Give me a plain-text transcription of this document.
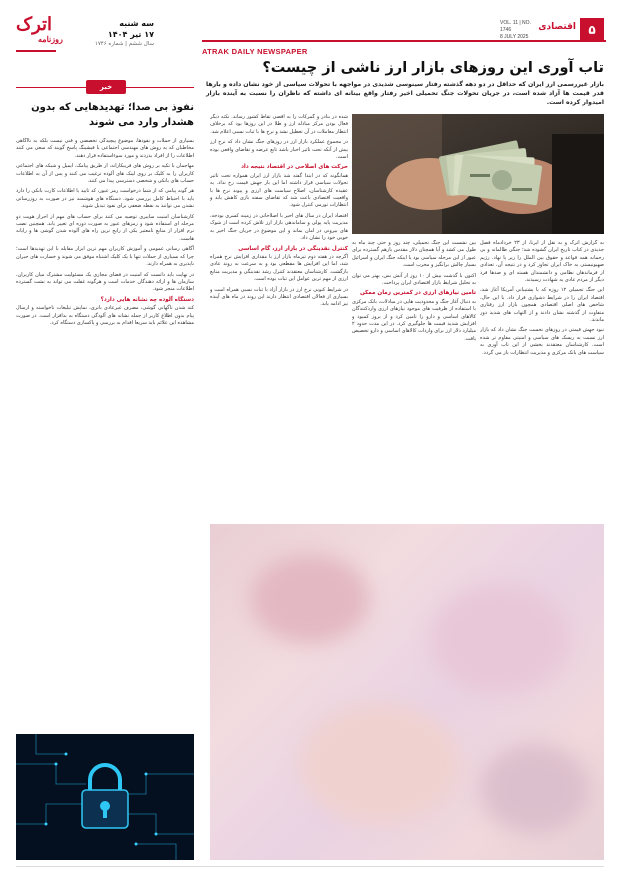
اترک
روزنامه
سه شنبه
۱۷ تیر ۱۴۰۴
سال ششم | شماره ۱۷۴۶
ATRAK DAILY NEWSPAPER
VOL. 11 | NO. 1746
8 JULY 2025
اقتصادی	۵
تاب آوری این روزهای بازار ارز ناشی از چیست؟

بازار غیررسمی ارز ایران که حداقل در دو دهه گذشته رفتار سینوسی شدیدی در مواجهه با تحولات سیاسی از خود نشان داده و بارها قدر قیمت ها آزاد شده است، در جریان تحولات جنگ تحمیلی اخیر رفتار واقع بینانه ای داشته که ناظران را نسبت به آینده بازار امیدوار کرده است.

به گزارش اترک و به نقل از ایرنا، از ۲۳ خردادماه فصل جدیدی در کتاب تاریخ ایران گشوده شد؛ جنگی ظالمانه و بی رحمانه همه قواعد و حقوق بین الملل را زیر پا نهاد. رژیم صهیونیستی به خاک ایران تجاوز کرد و در نتیجه آن، تعدادی از فرماندهان نظامی و دانشمندان هسته ای و صدها فرد دیگر از مردم عادی به شهادت رسیدند.

این جنگ تحمیلی ۱۲ روزه که با پشتیبانی آمریکا آغاز شد، اقتصاد ایران را در شرایط دشواری قرار داد. با این حال، شاخص های اصلی اقتصادی همچون بازار ارز رفتاری متفاوت از گذشته نشان دادند و از التهاب های شدید دور ماندند.

نبود جهش قیمتی در روزهای نخست جنگ نشان داد که بازار ارز نسبت به ریسک های سیاسی و امنیتی مقاوم تر شده است. کارشناسان معتقدند بخشی از این تاب آوری به سیاست های بانک مرکزی و مدیریت انتظارات باز می گردد.

بین نشست این جنگ تحمیلی، چند روز و حتی چند ماه به طول می کشد و آیا همچنان دلار مقدس بازهم گسترده برای عبور از این مرحله سیاسی بود یا اینکه جنگ ایران و اسرائیل بسیار چالش برانگیز و مخرب است.

اکنون با گذشت بیش از ۱۰ روز از آتش بس، بهتر می توان به تحلیل شرایط بازار اقتصادی ایران پرداخت.

تامین نیازهای ارزی در کمترین زمان ممکن

به دنبال آغاز جنگ و محدودیت هایی در مبادلات، بانک مرکزی با استفاده از ظرفیت های موجود نیازهای ارزی واردکنندگان کالاهای اساسی و دارو را تامین کرد و از بروز کمبود و افزایش شدید قیمت ها جلوگیری کرد. در این مدت حدود ۲ میلیارد دلار ارز برای واردات کالاهای اساسی و دارو تخصیص یافت.

شده در بنادر و گمرکات را به اقصی نقاط کشور رساند. نکته دیگر فعال بودن مرکز مبادله ارز و طلا در این روزها بود که برخلاف انتظار معاملات در آن تعطیل نشد و نرخ ها با ثبات نسبی اعلام شد.

در مجموع عملکرد بازار ارز در روزهای جنگ نشان داد که نرخ ارز بیش از آنکه تحت تاثیر اخبار باشد تابع عرضه و تقاضای واقعی بوده است.

حرکت های اصلاحی در اقتصاد نتیجه داد

همانگونه که در ابتدا گفته شد بازار ارز ایران همواره تحت تاثیر تحولات سیاسی قرار داشته اما این بار جهش قیمت رخ نداد. به عقیده کارشناسان، اصلاح سیاست های ارزی و پیوند نرخ ها با واقعیت اقتصادی باعث شد که تقاضای سفته بازی کاهش یابد و انتظارات تورمی کنترل شود.

اقتصاد ایران در سال های اخیر با اصلاحاتی در زمینه کسری بودجه، مدیریت پایه پولی و ساماندهی بازار ارز تلاش کرده است از شوک های بیرونی در امان بماند و این موضوع در جریان جنگ اخیر به خوبی خود را نشان داد.

کنترل نقدینگی در بازار ارز، گام اساسی

اگرچه در هفته دوم تیرماه بازار ارز با مقداری افزایش نرخ همراه شد، اما این افزایش ها مقطعی بود و به سرعت به روند عادی بازگشت. کارشناسان معتقدند کنترل رشد نقدینگی و مدیریت منابع ارزی از مهم ترین عوامل این ثبات بوده است.

در شرایط کنونی نرخ ارز در بازار آزاد با ثبات نسبی همراه است و بسیاری از فعالان اقتصادی انتظار دارند این روند در ماه های آینده نیز ادامه یابد.

خبر
نفوذ بی صدا؛ تهدیدهایی که بدون هشدار وارد می شوند

بسیاری از حملات و نفوذها، موضوع پیچیدگی تخصصی و فنی نیست بلکه به ناآگاهی مخاطبان که به روش های مهندسی اجتماعی یا فیشینگ پاسخ گویند که سعی می کنند اطلاعات را از افراد بدزدند و مورد سوءاستفاده قرار دهند.

مهاجمان با تکیه بر روش های فریبکارانه، از طریق پیامک، ایمیل و شبکه های اجتماعی کاربران را به کلیک بر روی لینک های آلوده ترغیب می کنند و پس از آن به اطلاعات حساب های بانکی و شخصی دسترسی پیدا می کنند.

هر گونه پیامی که از شما درخواست رمز عبور، کد تایید یا اطلاعات کارت بانکی را دارد باید با احتیاط کامل بررسی شود. دستگاه های هوشمند نیز در صورت به روزرسانی نشدن می توانند به نقطه ضعفی برای نفوذ تبدیل شوند.

کارشناسان امنیت سایبری توصیه می کنند برای حساب های مهم از احراز هویت دو مرحله ای استفاده شود و رمزهای عبور به صورت دوره ای تغییر یابد. همچنین نصب نرم افزار از منابع نامعتبر یکی از رایج ترین راه های آلوده شدن گوشی ها و رایانه هاست.

آگاهی رسانی عمومی و آموزش کاربران مهم ترین ابزار مقابله با این تهدیدها است؛ چرا که بسیاری از حملات تنها با یک کلیک اشتباه موفق می شوند و خسارت های جبران ناپذیری به همراه دارند.

در نهایت باید دانست که امنیت در فضای مجازی یک مسئولیت مشترک میان کاربران، سازمان ها و ارائه دهندگان خدمات است و هرگونه غفلت می تواند به نشت گسترده اطلاعات منجر شود.

دستگاه آلوده چه نشانه هایی دارد؟

کند شدن ناگهانی گوشی، مصرف غیرعادی باتری، نمایش تبلیغات ناخواسته و ارسال پیام بدون اطلاع کاربر از جمله نشانه های آلودگی دستگاه به بدافزار است. در صورت مشاهده این علائم باید سریعا اقدام به بررسی و پاکسازی دستگاه کرد.
